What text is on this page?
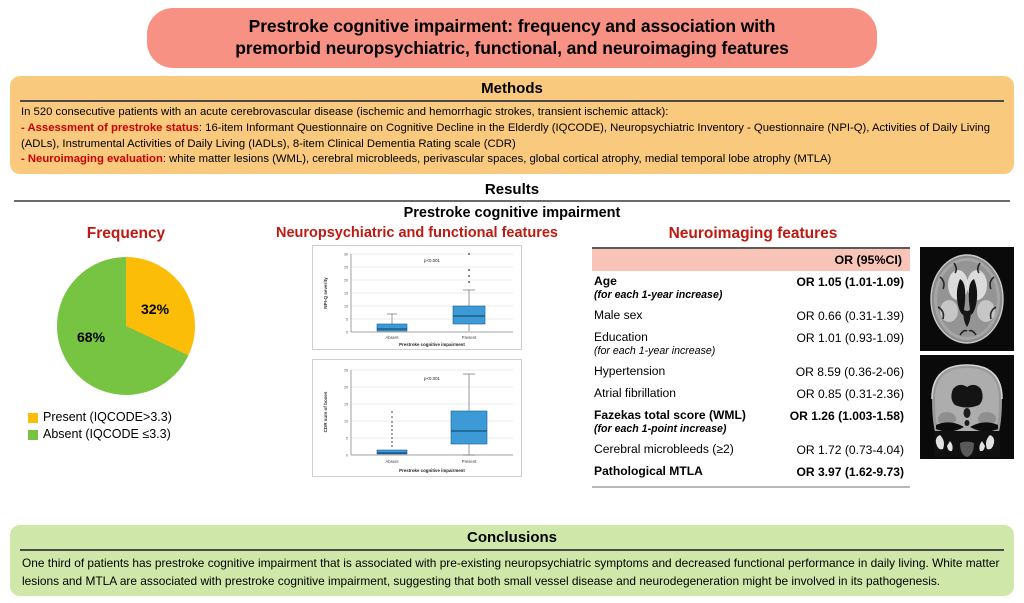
Prestroke cognitive impairment: frequency and association with
premorbid neuropsychiatric, functional, and neuroimaging features
Methods
In 520 consecutive patients with an acute cerebrovascular disease (ischemic and hemorrhagic strokes, transient ischemic attack):
- Assessment of prestroke status: 16-item Informant Questionnaire on Cognitive Decline in the Elderdly (IQCODE), Neuropsychiatric Inventory - Questionnaire (NPI-Q), Activities of Daily Living (ADLs), Instrumental Activities of Daily Living (IADLs), 8-item Clinical Dementia Rating scale (CDR)
- Neuroimaging evaluation: white matter lesions (WML), cerebral microbleeds, perivascular spaces, global cortical atrophy, medial temporal lobe atrophy (MTLA)
Results
Prestroke cognitive impairment
Frequency
32%
68%
Present (IQCODE>3.3)
Absent (IQCODE ≤3.3)
Neuropsychiatric and functional features
30
25
20
15
10
5
0
NPI-Q severity
Absent	Present
Prestroke cognitive impairment
p<0.001
25
20
15
10
5
0
CDR sum of boxes
Absent	Present
Prestroke cognitive impairment
p<0.001
Neuroimaging features
OR (95%CI)
Age
(for each 1-year increase)
OR 1.05 (1.01-1.09)
Male sex	OR 0.66 (0.31-1.39)
Education
(for each 1-year increase)
OR 1.01 (0.93-1.09)
Hypertension	OR 8.59 (0.36-2-06)
Atrial fibrillation	OR 0.85 (0.31-2.36)
Fazekas total score (WML)
(for each 1-point increase)
OR 1.26 (1.003-1.58)
Cerebral microbleeds (≥2)	OR 1.72 (0.73-4.04)
Pathological MTLA	OR 3.97 (1.62-9.73)
Conclusions
One third of patients has prestroke cognitive impairment that is associated with pre-existing neuropsychiatric symptoms and decreased functional performance in daily living. White matter lesions and MTLA are associated with prestroke cognitive impairment, suggesting that both small vessel disease and neurodegeneration might be involved in its pathogenesis.
